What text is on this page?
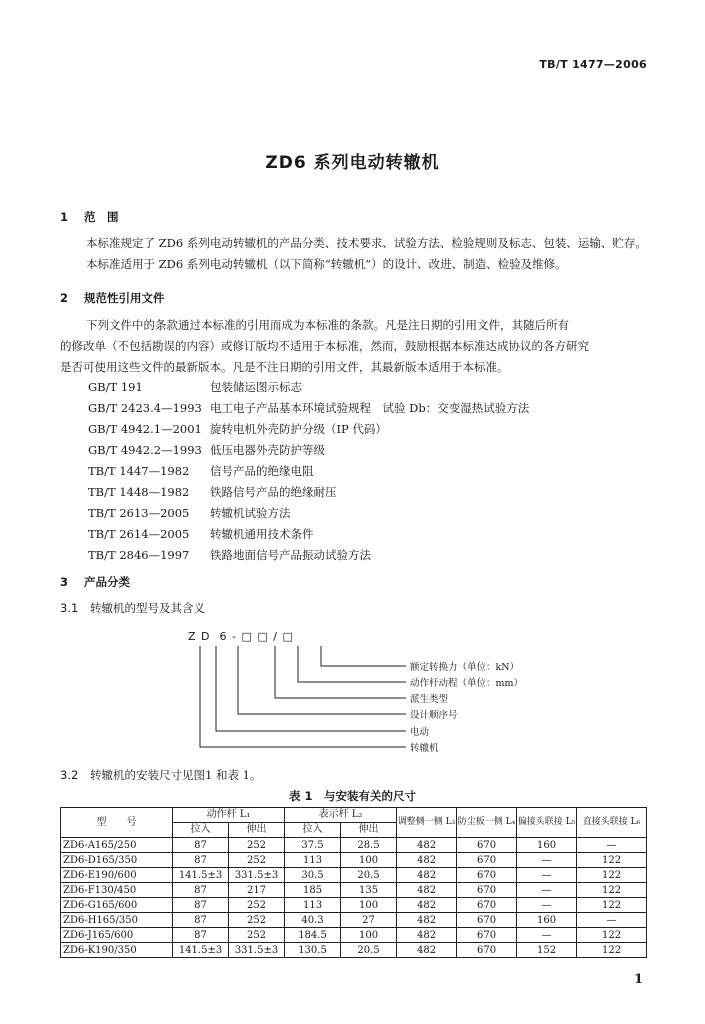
TB/T 1477—2006
ZD6 系列电动转辙机
1 范　围
本标准规定了 ZD6 系列电动转辙机的产品分类、技术要求、试验方法、检验规则及标志、包装、运输、贮存。
本标准适用于 ZD6 系列电动转辙机（以下简称“转辙机”）的设计、改进、制造、检验及维修。
2 规范性引用文件
下列文件中的条款通过本标准的引用而成为本标准的条款。凡是注日期的引用文件，其随后所有
的修改单（不包括勘误的内容）或修订版均不适用于本标准，然而，鼓励根据本标准达成协议的各方研究
是否可使用这些文件的最新版本。凡是不注日期的引用文件，其最新版本适用于本标准。
GB/T 191	包装储运图示标志
GB/T 2423.4—1993 电工电子产品基本环境试验规程　试验 Db：交变湿热试验方法
GB/T 4942.1—2001 旋转电机外壳防护分级（IP 代码）
GB/T 4942.2—1993 低压电器外壳防护等级
TB/T 1447—1982 信号产品的绝缘电阻
TB/T 1448—1982 铁路信号产品的绝缘耐压
TB/T 2613—2005 转辙机试验方法
TB/T 2614—2005 转辙机通用技术条件
TB/T 2846—1997 铁路地面信号产品振动试验方法
3 产品分类
3.1 转辙机的型号及其含义
Z D  6 - □ □ / □
额定转换力（单位：kN）
动作杆动程（单位：mm）
派生类型
设计顺序号
电动
转辙机
3.2 转辙机的安装尺寸见图1 和表 1。
表 1　与安装有关的尺寸
型　　号	动作杆 L₁		表示杆 L₂		调整侧一侧 L₃	防尘板一侧 L₄	偏接头联接 L₅	直接头联接 L₆
	拉入	伸出	拉入	伸出				
ZD6-A165/250	87	252	37.5	28.5	482	670	160	—
ZD6-D165/350	87	252	113	100	482	670	—	122
ZD6-E190/600	141.5±3	331.5±3	30.5	20.5	482	670	—	122
ZD6-F130/450	87	217	185	135	482	670	—	122
ZD6-G165/600	87	252	113	100	482	670	—	122
ZD6-H165/350	87	252	40.3	27	482	670	160	—
ZD6-J165/600	87	252	184.5	100	482	670	—	122
ZD6-K190/350	141.5±3	331.5±3	130.5	20.5	482	670	152	122
1
